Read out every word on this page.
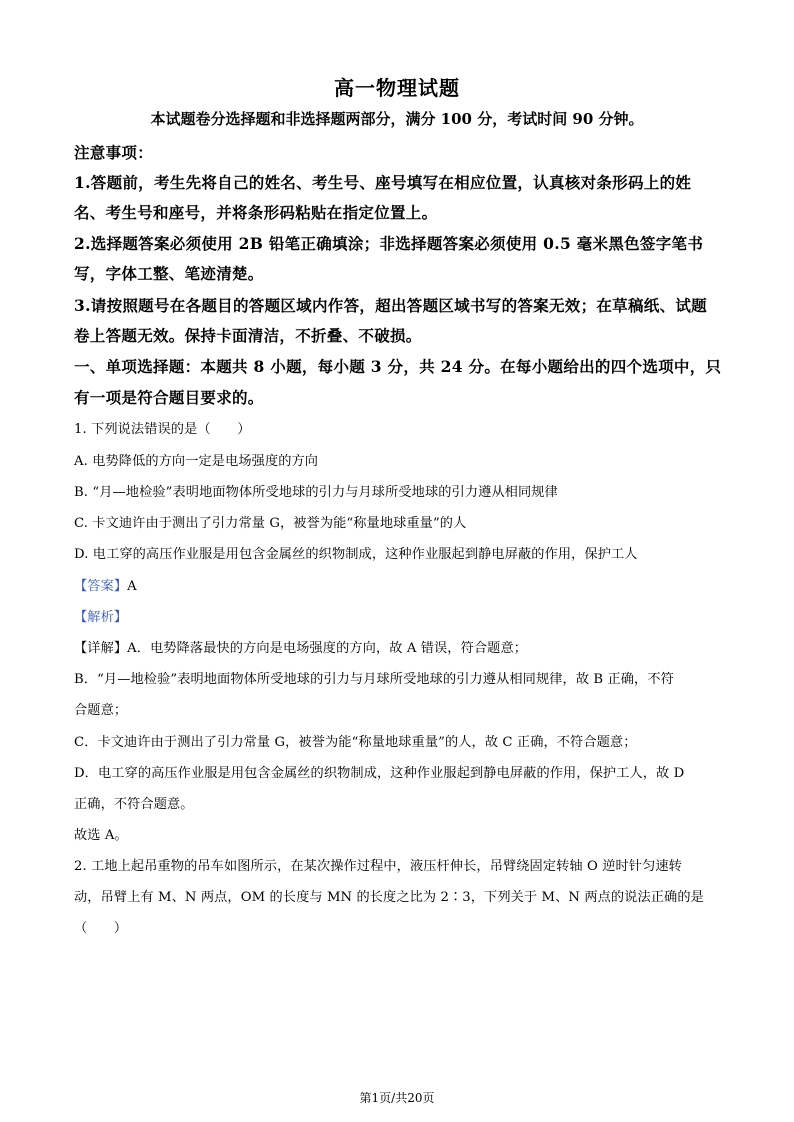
高一物理试题
本试题卷分选择题和非选择题两部分，满分 100 分，考试时间 90 分钟。
注意事项：
1.答题前，考生先将自己的姓名、考生号、座号填写在相应位置，认真核对条形码上的姓
名、考生号和座号，并将条形码粘贴在指定位置上。
2.选择题答案必须使用 2B 铅笔正确填涂；非选择题答案必须使用 0.5 毫米黑色签字笔书
写，字体工整、笔迹清楚。
3.请按照题号在各题目的答题区域内作答，超出答题区域书写的答案无效；在草稿纸、试题
卷上答题无效。保持卡面清洁，不折叠、不破损。
一、单项选择题：本题共 8 小题，每小题 3 分，共 24 分。在每小题给出的四个选项中，只
有一项是符合题目要求的。
1. 下列说法错误的是（　　）
A. 电势降低的方向一定是电场强度的方向
B. “月—地检验”表明地面物体所受地球的引力与月球所受地球的引力遵从相同规律
C. 卡文迪许由于测出了引力常量 G，被誉为能“称量地球重量”的人
D. 电工穿的高压作业服是用包含金属丝的织物制成，这种作业服起到静电屏蔽的作用，保护工人
【答案】A
【解析】
【详解】A．电势降落最快的方向是电场强度的方向，故 A 错误，符合题意；
B．“月—地检验”表明地面物体所受地球的引力与月球所受地球的引力遵从相同规律，故 B 正确，不符
合题意；
C．卡文迪许由于测出了引力常量 G，被誉为能“称量地球重量”的人，故 C 正确，不符合题意；
D．电工穿的高压作业服是用包含金属丝的织物制成，这种作业服起到静电屏蔽的作用，保护工人，故 D
正确，不符合题意。
故选 A。
2. 工地上起吊重物的吊车如图所示，在某次操作过程中，液压杆伸长，吊臂绕固定转轴 O 逆时针匀速转
动，吊臂上有 M、N 两点，OM 的长度与 MN 的长度之比为 2∶3，下列关于 M、N 两点的说法正确的是
（　　）
第1页/共20页
